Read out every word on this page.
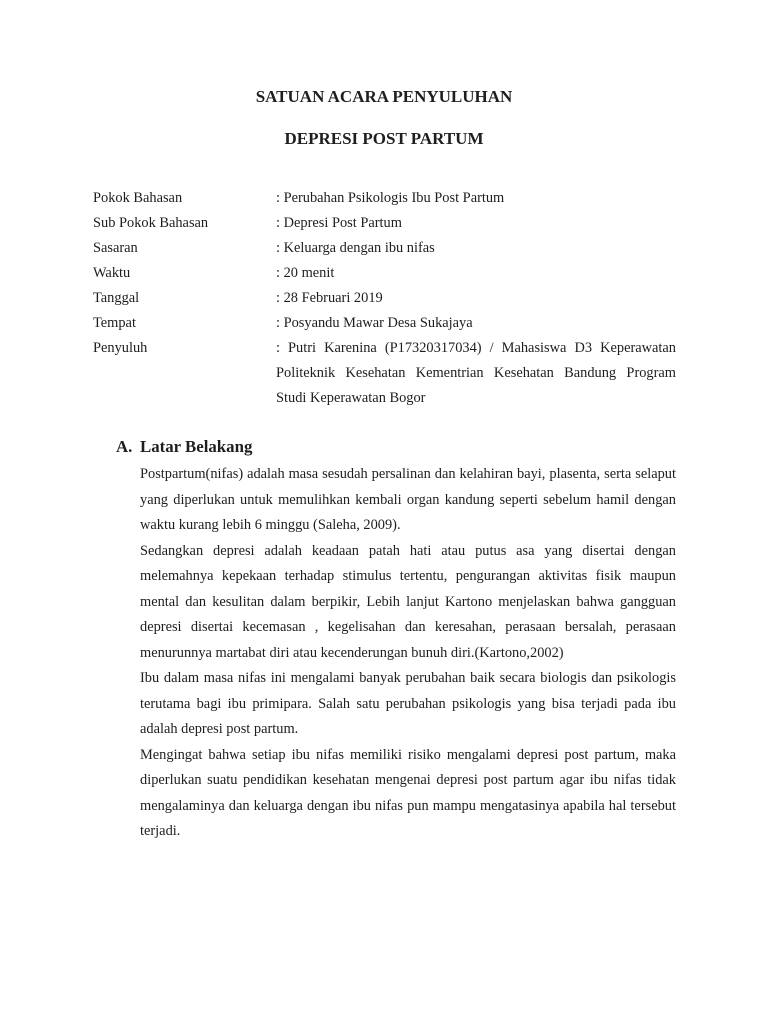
SATUAN ACARA PENYULUHAN
DEPRESI POST PARTUM
Pokok Bahasan	: Perubahan Psikologis Ibu Post Partum
Sub Pokok Bahasan	: Depresi Post Partum
Sasaran	: Keluarga dengan ibu nifas
Waktu	: 20 menit
Tanggal	: 28 Februari 2019
Tempat	: Posyandu Mawar Desa Sukajaya
Penyuluh	: Putri Karenina (P17320317034) / Mahasiswa D3 Keperawatan Politeknik Kesehatan Kementrian Kesehatan Bandung Program Studi Keperawatan Bogor
A. Latar Belakang

Postpartum(nifas) adalah masa sesudah persalinan dan kelahiran bayi, plasenta, serta selaput yang diperlukan untuk memulihkan kembali organ kandung seperti sebelum hamil dengan waktu kurang lebih 6 minggu (Saleha, 2009).

Sedangkan depresi adalah keadaan patah hati atau putus asa yang disertai dengan melemahnya kepekaan terhadap stimulus tertentu, pengurangan aktivitas fisik maupun mental dan kesulitan dalam berpikir, Lebih lanjut Kartono menjelaskan bahwa gangguan depresi disertai kecemasan , kegelisahan dan keresahan, perasaan bersalah, perasaan menurunnya martabat diri atau kecenderungan bunuh diri.(Kartono,2002)

Ibu dalam masa nifas ini mengalami banyak perubahan baik secara biologis dan psikologis terutama bagi ibu primipara. Salah satu perubahan psikologis yang bisa terjadi pada ibu adalah depresi post partum.

Mengingat bahwa setiap ibu nifas memiliki risiko mengalami depresi post partum, maka diperlukan suatu pendidikan kesehatan mengenai depresi post partum agar ibu nifas tidak mengalaminya dan keluarga dengan ibu nifas pun mampu mengatasinya apabila hal tersebut terjadi.
